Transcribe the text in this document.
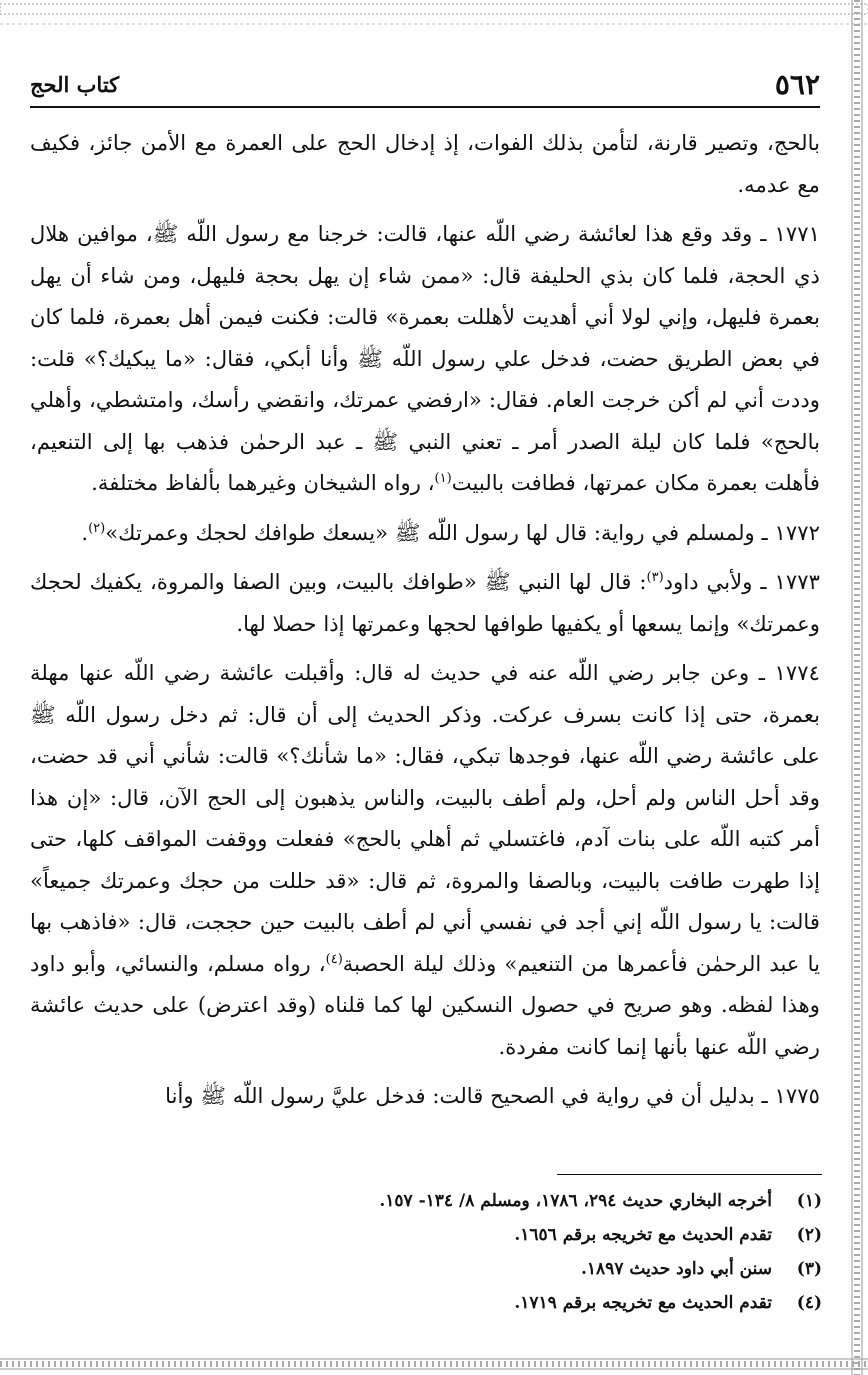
٥٦٢
كتاب الحج

بالحج، وتصير قارنة، لتأمن بذلك الفوات، إذ إدخال الحج على العمرة مع الأمن جائز، فكيف مع عدمه.

١٧٧١ ـ وقد وقع هذا لعائشة رضي اللّه عنها، قالت: خرجنا مع رسول اللّه ﷺ، موافين هلال ذي الحجة، فلما كان بذي الحليفة قال: «ممن شاء إن يهل بحجة فليهل، ومن شاء أن يهل بعمرة فليهل، وإني لولا أني أهديت لأهللت بعمرة» قالت: فكنت فيمن أهل بعمرة، فلما كان في بعض الطريق حضت، فدخل علي رسول اللّه ﷺ وأنا أبكي، فقال: «ما يبكيك؟» قلت: وددت أني لم أكن خرجت العام. فقال: «ارفضي عمرتك، وانقضي رأسك، وامتشطي، وأهلي بالحج» فلما كان ليلة الصدر أمر ـ تعني النبي ﷺ ـ عبد الرحمٰن فذهب بها إلى التنعيم، فأهلت بعمرة مكان عمرتها، فطافت بالبيت$^{(١)}$، رواه الشيخان وغيرهما بألفاظ مختلفة.

١٧٧٢ ـ ولمسلم في رواية: قال لها رسول اللّه ﷺ «يسعك طوافك لحجك وعمرتك»$^{(٢)}$.

١٧٧٣ ـ ولأبي داود$^{(٣)}$: قال لها النبي ﷺ «طوافك بالبيت، وبين الصفا والمروة، يكفيك لحجك وعمرتك» وإنما يسعها أو يكفيها طوافها لحجها وعمرتها إذا حصلا لها.

١٧٧٤ ـ وعن جابر رضي اللّه عنه في حديث له قال: وأقبلت عائشة رضي اللّه عنها مهلة بعمرة، حتى إذا كانت بسرف عركت. وذكر الحديث إلى أن قال: ثم دخل رسول اللّه ﷺ على عائشة رضي اللّه عنها، فوجدها تبكي، فقال: «ما شأنك؟» قالت: شأني أني قد حضت، وقد أحل الناس ولم أحل، ولم أطف بالبيت، والناس يذهبون إلى الحج الآن، قال: «إن هذا أمر كتبه اللّه على بنات آدم، فاغتسلي ثم أهلي بالحج» ففعلت ووقفت المواقف كلها، حتى إذا طهرت طافت بالبيت، وبالصفا والمروة، ثم قال: «قد حللت من حجك وعمرتك جميعاً» قالت: يا رسول اللّه إني أجد في نفسي أني لم أطف بالبيت حين حججت، قال: «فاذهب بها يا عبد الرحمٰن فأعمرها من التنعيم» وذلك ليلة الحصبة$^{(٤)}$، رواه مسلم، والنسائي، وأبو داود وهذا لفظه. وهو صريح في حصول النسكين لها كما قلناه (وقد اعترض) على حديث عائشة رضي اللّه عنها بأنها إنما كانت مفردة.

١٧٧٥ ـ بدليل أن في رواية في الصحيح قالت: فدخل عليَّ رسول اللّه ﷺ وأنا

(١)
أخرجه البخاري حديث ٢٩٤، ١٧٨٦، ومسلم ٨/ ١٣٤- ١٥٧.
(٢)
تقدم الحديث مع تخريجه برقم ١٦٥٦.
(٣)
سنن أبي داود حديث ١٨٩٧.
(٤)
تقدم الحديث مع تخريجه برقم ١٧١٩.
